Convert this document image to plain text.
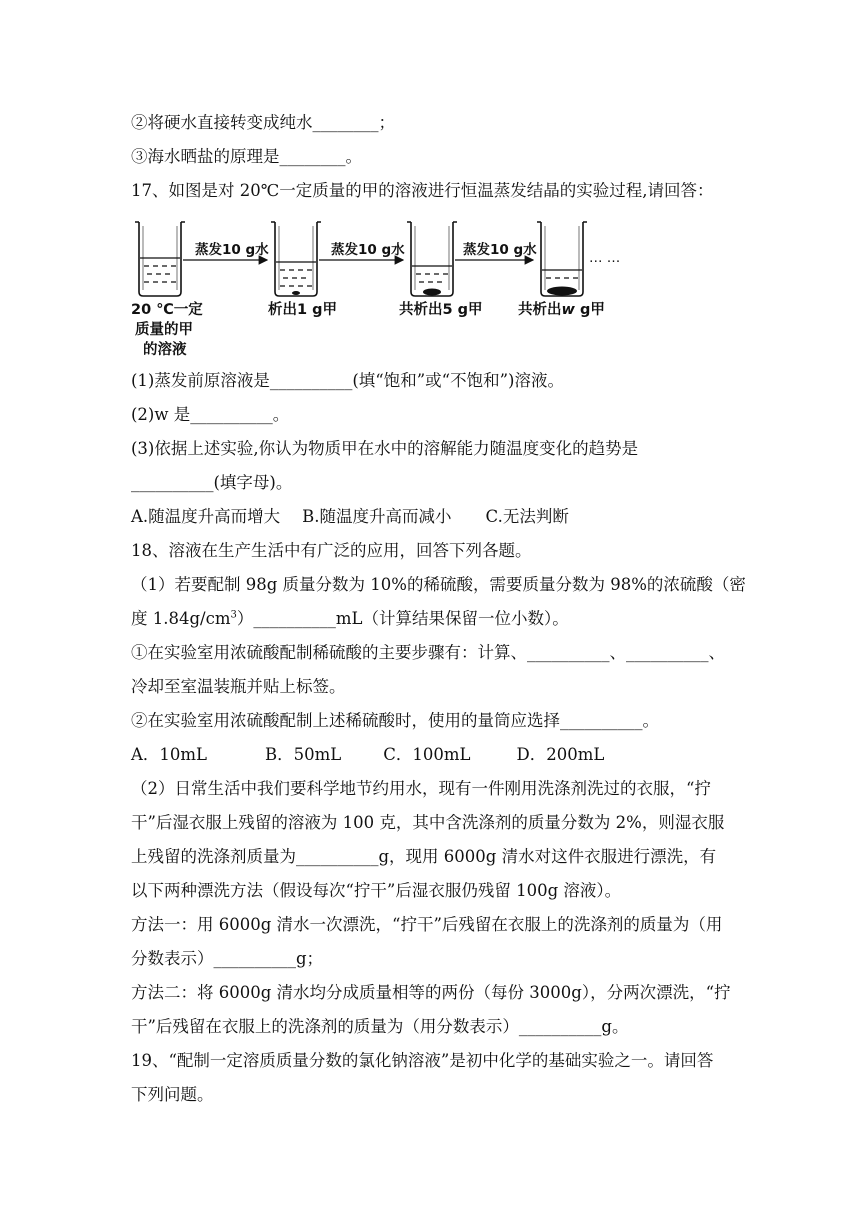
②将硬水直接转变成纯水________；
③海水晒盐的原理是________。
17、如图是对 20℃一定质量的甲的溶液进行恒温蒸发结晶的实验过程,请回答：
蒸发10 g水	蒸发10 g水	蒸发10 g水	… …
20 ℃一定
质量的甲
的溶液
析出1 g甲	共析出5 g甲 共析出w g甲
(1)蒸发前原溶液是__________(填“饱和”或“不饱和”)溶液。
(2)w 是__________。
(3)依据上述实验,你认为物质甲在水中的溶解能力随温度变化的趋势是
__________(填字母)。
A.随温度升高而增大 B.随温度升高而减小 C.无法判断
18、溶液在生产生活中有广泛的应用，回答下列各题。
（1）若要配制 98g 质量分数为 10%的稀硫酸，需要质量分数为 98%的浓硫酸（密
度 $1.84g/cm^3)\_\_\_\_\_\_\_\_\_\_mL$（计算结果保留一位小数）。
①在实验室用浓硫酸配制稀硫酸的主要步骤有：计算、__________、__________、
冷却至室温装瓶并贴上标签。
②在实验室用浓硫酸配制上述稀硫酸时，使用的量筒应选择__________。
A．10mL	B．50mL	C．100mL	D．200mL
（2）日常生活中我们要科学地节约用水，现有一件刚用洗涤剂洗过的衣服，“拧
干”后湿衣服上残留的溶液为 100 克，其中含洗涤剂的质量分数为 2%，则湿衣服
上残留的洗涤剂质量为__________g，现用 6000g 清水对这件衣服进行漂洗，有
以下两种漂洗方法（假设每次“拧干”后湿衣服仍残留 100g 溶液）。
方法一：用 6000g 清水一次漂洗，“拧干”后残留在衣服上的洗涤剂的质量为（用
分数表示）__________g；
方法二：将 6000g 清水均分成质量相等的两份（每份 3000g），分两次漂洗，“拧
干”后残留在衣服上的洗涤剂的质量为（用分数表示）__________g。
19、“配制一定溶质质量分数的氯化钠溶液”是初中化学的基础实验之一。请回答
下列问题。
